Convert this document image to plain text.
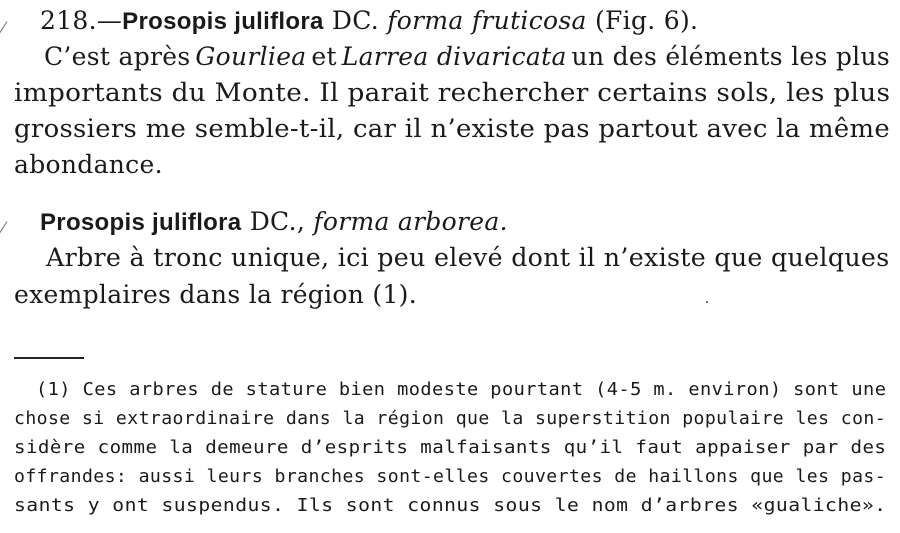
⁄
⁄
218.—Prosopis juliflora DC. forma fruticosa (Fig. 6).
C’est après Gourliea et Larrea divaricata un des éléments les plus
importants du Monte. Il parait rechercher certains sols, les plus
grossiers me semble-t-il, car il n’existe pas partout avec la même
abondance.
Prosopis juliflora DC., forma arborea.
Arbre à tronc unique, ici peu elevé dont il n’existe que quelques
exemplaires dans la région (1).
(1) Ces arbres de stature bien modeste pourtant (4-5 m. environ) sont une
chose si extraordinaire dans la région que la superstition populaire les con-
sidère comme la demeure d’esprits malfaisants qu’il faut appaiser par des
offrandes: aussi leurs branches sont-elles couvertes de haillons que les pas-
sants y ont suspendus. Ils sont connus sous le nom d’arbres «gualiche».
